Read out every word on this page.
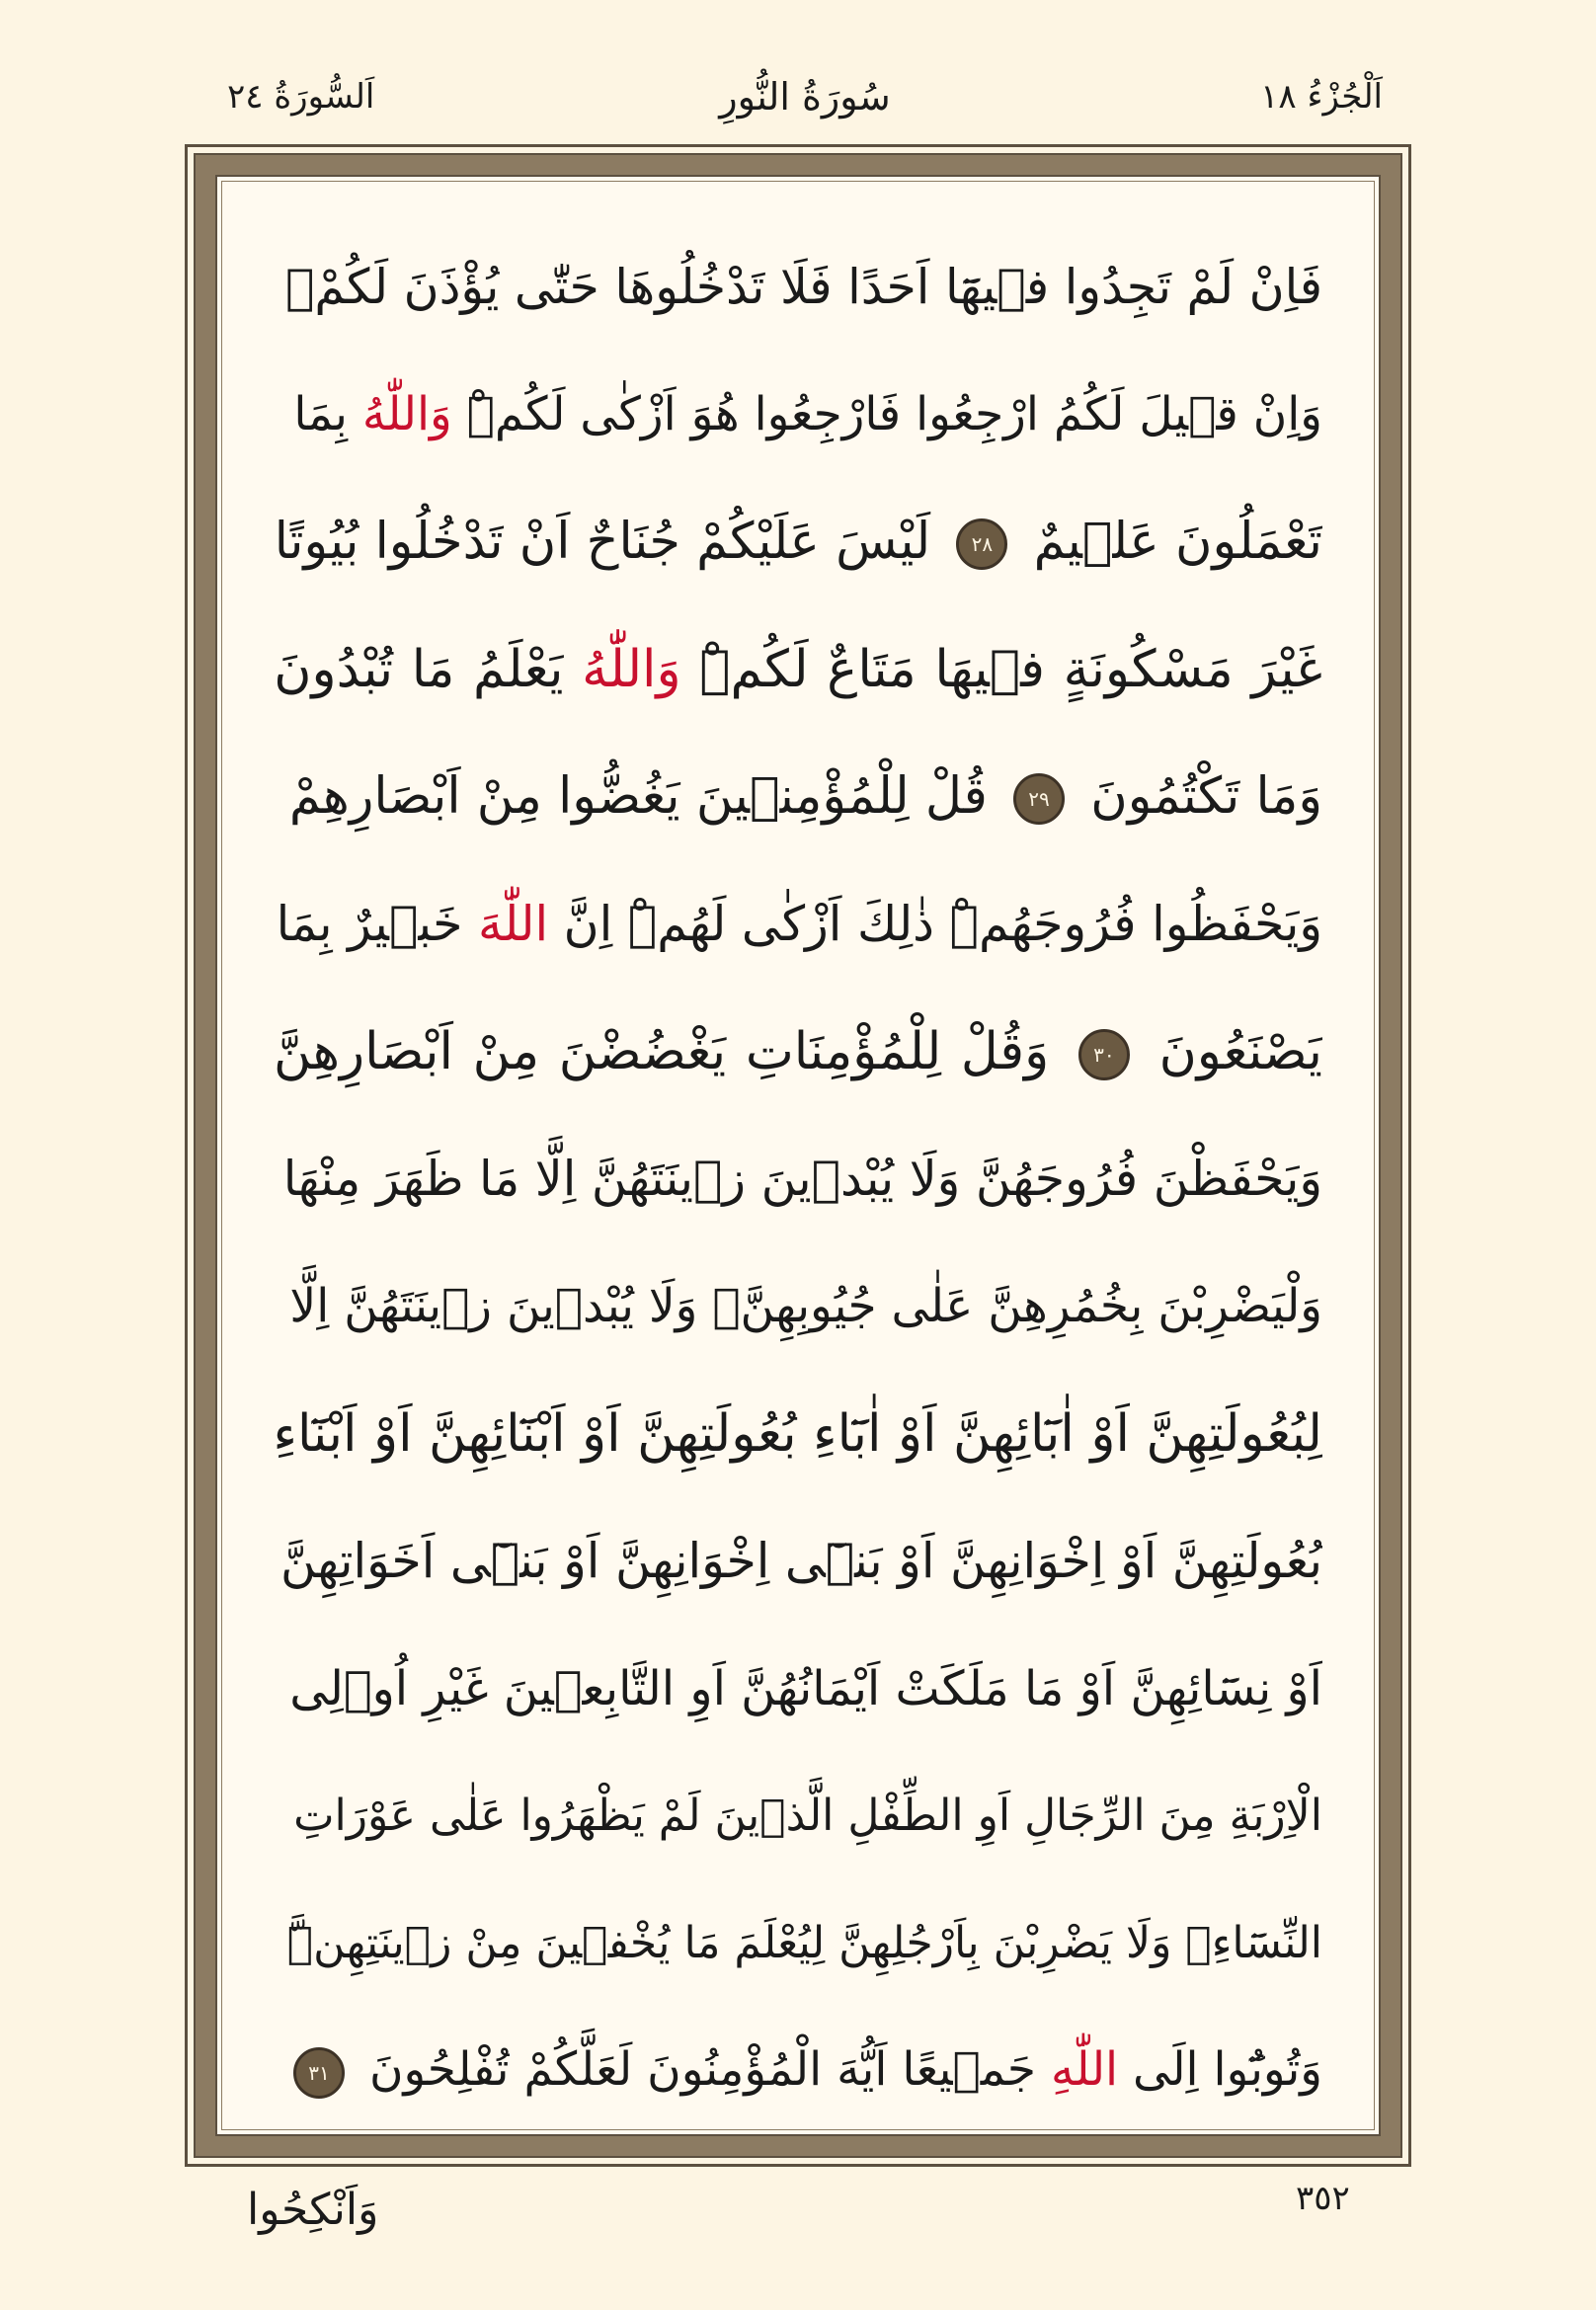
اَلْجُزْءُ ١٨
سُورَةُ النُّورِ
اَلسُّورَةُ ٢٤
فَاِنْ لَمْ تَجِدُوا فٖيهَٓا اَحَدًا فَلَا تَدْخُلُوهَا حَتّٰى يُؤْذَنَ لَكُمْۚ
وَاِنْ قٖيلَ لَكُمُ ارْجِعُوا فَارْجِعُوا هُوَ اَزْكٰى لَكُمْۜ وَاللّٰهُ بِمَا
تَعْمَلُونَ عَلٖيمٌ ٢٨ لَيْسَ عَلَيْكُمْ جُنَاحٌ اَنْ تَدْخُلُوا بُيُوتًا
غَيْرَ مَسْكُونَةٍ فٖيهَا مَتَاعٌ لَكُمْۜ وَاللّٰهُ يَعْلَمُ مَا تُبْدُونَ
وَمَا تَكْتُمُونَ ٢٩ قُلْ لِلْمُؤْمِنٖينَ يَغُضُّوا مِنْ اَبْصَارِهِمْ
وَيَحْفَظُوا فُرُوجَهُمْۜ ذٰلِكَ اَزْكٰى لَهُمْۜ اِنَّ اللّٰهَ خَبٖيرٌ بِمَا
يَصْنَعُونَ ٣٠ وَقُلْ لِلْمُؤْمِنَاتِ يَغْضُضْنَ مِنْ اَبْصَارِهِنَّ
وَيَحْفَظْنَ فُرُوجَهُنَّ وَلَا يُبْدٖينَ زٖينَتَهُنَّ اِلَّا مَا ظَهَرَ مِنْهَا
وَلْيَضْرِبْنَ بِخُمُرِهِنَّ عَلٰى جُيُوبِهِنَّۖ وَلَا يُبْدٖينَ زٖينَتَهُنَّ اِلَّا
لِبُعُولَتِهِنَّ اَوْ اٰبَٓائِهِنَّ اَوْ اٰبَٓاءِ بُعُولَتِهِنَّ اَوْ اَبْنَٓائِهِنَّ اَوْ اَبْنَٓاءِ
بُعُولَتِهِنَّ اَوْ اِخْوَانِهِنَّ اَوْ بَنٖٓى اِخْوَانِهِنَّ اَوْ بَنٖٓى اَخَوَاتِهِنَّ
اَوْ نِسَٓائِهِنَّ اَوْ مَا مَلَكَتْ اَيْمَانُهُنَّ اَوِ التَّابِعٖينَ غَيْرِ اُو۬لِى
الْاِرْبَةِ مِنَ الرِّجَالِ اَوِ الطِّفْلِ الَّذٖينَ لَمْ يَظْهَرُوا عَلٰى عَوْرَاتِ
النِّسَٓاءِۖ وَلَا يَضْرِبْنَ بِاَرْجُلِهِنَّ لِيُعْلَمَ مَا يُخْفٖينَ مِنْ زٖينَتِهِنَّۜ
وَتُوبُٓوا اِلَى اللّٰهِ جَمٖيعًا اَيُّهَ الْمُؤْمِنُونَ لَعَلَّكُمْ تُفْلِحُونَ ٣١
٣٥٢
وَاَنْكِحُوا
